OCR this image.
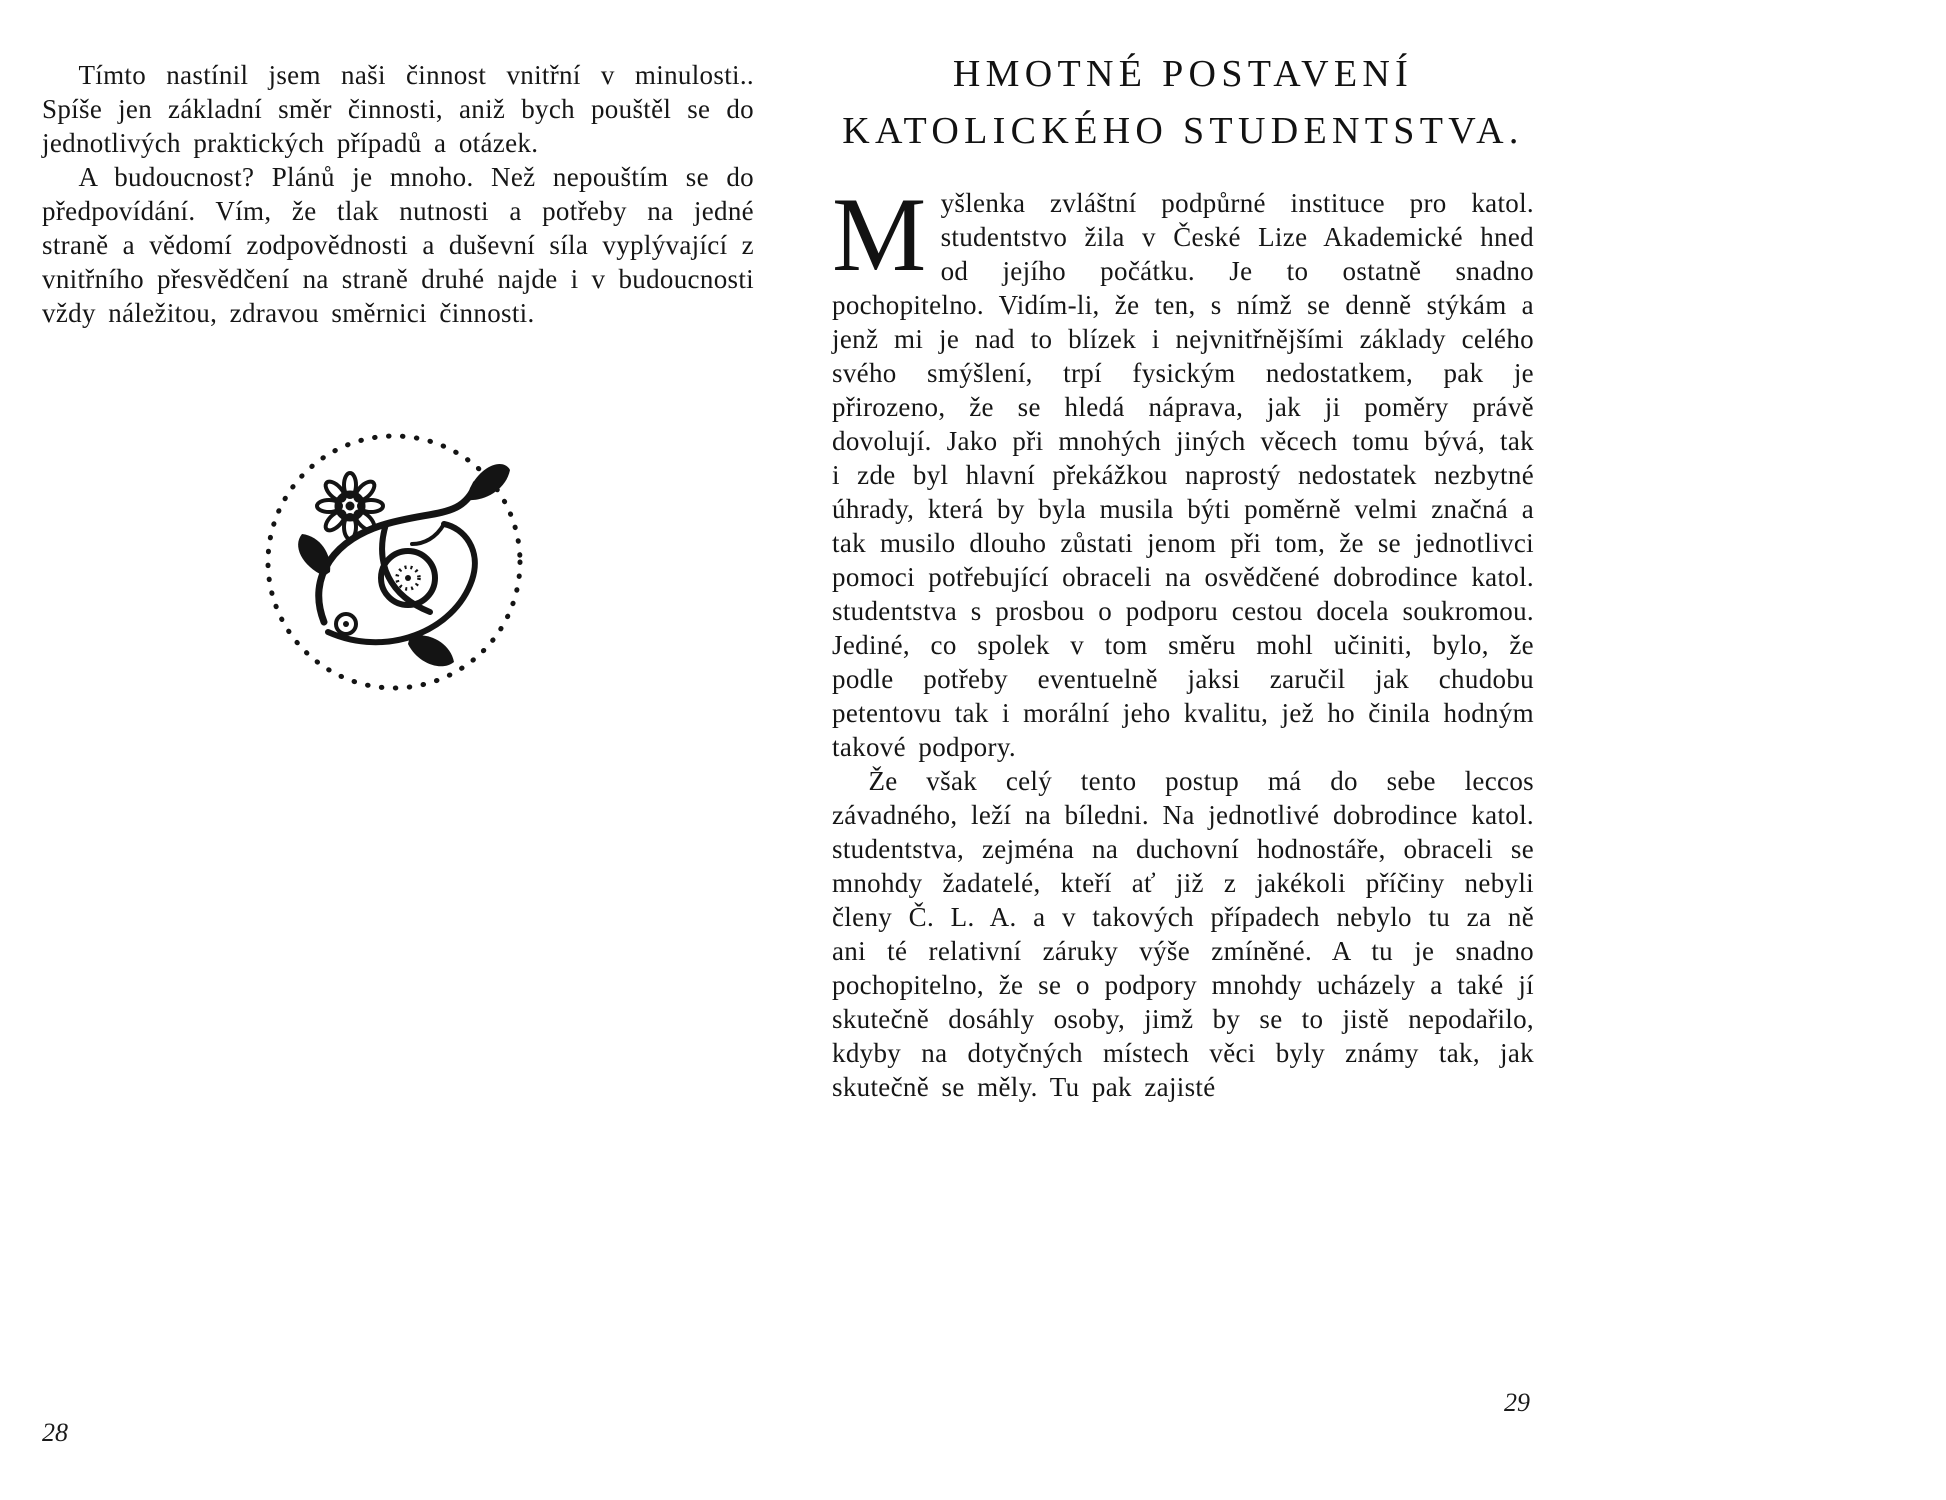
Tímto nastínil jsem naši činnost vnitřní v minulosti.. Spíše jen základní směr činnosti, aniž bych pouštěl se do jednotlivých praktických případů a otázek.

A budoucnost? Plánů je mnoho. Než nepouštím se do předpovídání. Vím, že tlak nutnosti a potřeby na jedné straně a vědomí zodpovědnosti a duševní síla vyplývající z vnitřního přesvědčení na straně druhé najde i v budoucnosti vždy náležitou, zdravou směrnici činnosti.

HMOTNÉ POSTAVENÍ
KATOLICKÉHO STUDENTSTVA.

Myšlenka zvláštní podpůrné instituce pro katol. studentstvo žila v České Lize Akademické hned od jejího počátku. Je to ostatně snadno pochopitelno. Vidím-li, že ten, s nímž se denně stýkám a jenž mi je nad to blízek i nejvnitřnějšími základy celého svého smýšlení, trpí fysickým nedostatkem, pak je přirozeno, že se hledá náprava, jak ji poměry právě dovolují. Jako při mnohých jiných věcech tomu bývá, tak i zde byl hlavní překážkou naprostý nedostatek nezbytné úhrady, která by byla musila býti poměrně velmi značná a tak musilo dlouho zůstati jenom při tom, že se jednotlivci pomoci potřebující obraceli na osvědčené dobrodince katol. studentstva s prosbou o podporu cestou docela soukromou. Jediné, co spolek v tom směru mohl učiniti, bylo, že podle potřeby eventuelně jaksi zaručil jak chudobu petentovu tak i morální jeho kvalitu, jež ho činila hodným takové podpory.

Že však celý tento postup má do sebe leccos závadného, leží na bíledni. Na jednotlivé dobrodince katol. studentstva, zejména na duchovní hodnostáře, obraceli se mnohdy žadatelé, kteří ať již z jakékoli příčiny nebyli členy Č. L. A. a v takových případech nebylo tu za ně ani té relativní záruky výše zmíněné. A tu je snadno pochopitelno, že se o podpory mnohdy ucházely a také jí skutečně dosáhly osoby, jimž by se to jistě nepodařilo, kdyby na dotyčných místech věci byly známy tak, jak skutečně se měly. Tu pak zajisté

28
29
